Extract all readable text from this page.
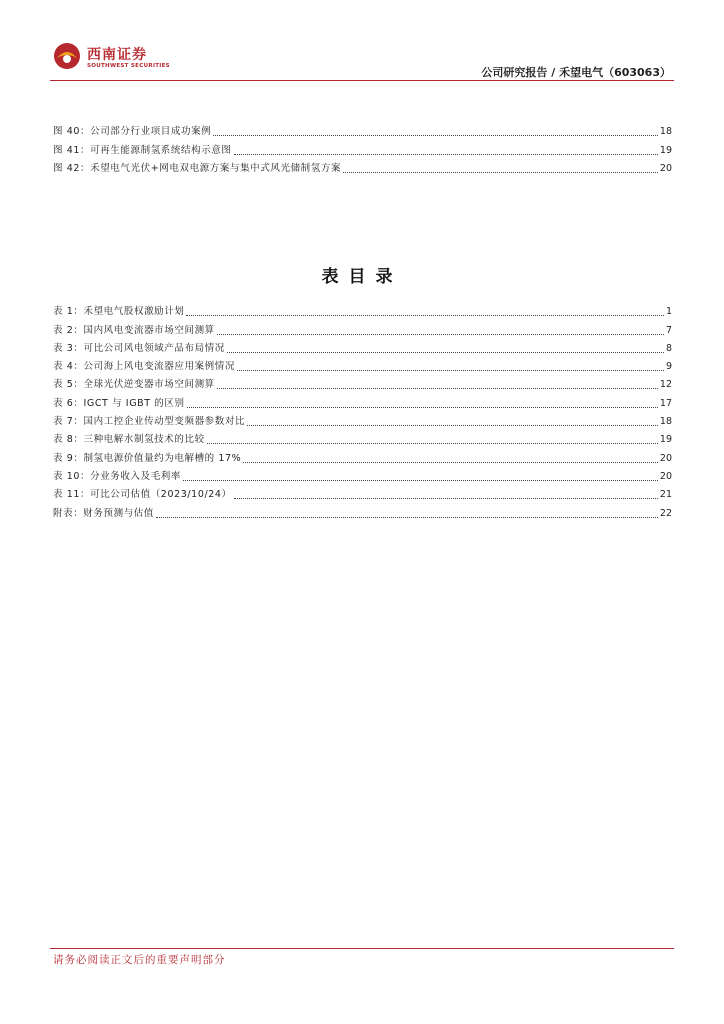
西南证券
SOUTHWEST SECURITIES	公司研究报告 / 禾望电气（603063）
图 40：公司部分行业项目成功案例	18
图 41：可再生能源制氢系统结构示意图	19
图 42：禾望电气光伏+网电双电源方案与集中式风光储制氢方案	20
表目录
表 1：禾望电气股权激励计划	1
表 2：国内风电变流器市场空间测算	7
表 3：可比公司风电领域产品布局情况	8
表 4：公司海上风电变流器应用案例情况	9
表 5：全球光伏逆变器市场空间测算	12
表 6：IGCT 与 IGBT 的区别	17
表 7：国内工控企业传动型变频器参数对比	18
表 8：三种电解水制氢技术的比较	19
表 9：制氢电源价值量约为电解槽的 17%	20
表 10：分业务收入及毛利率	20
表 11：可比公司估值（2023/10/24）	21
附表：财务预测与估值	22
请务必阅读正文后的重要声明部分
